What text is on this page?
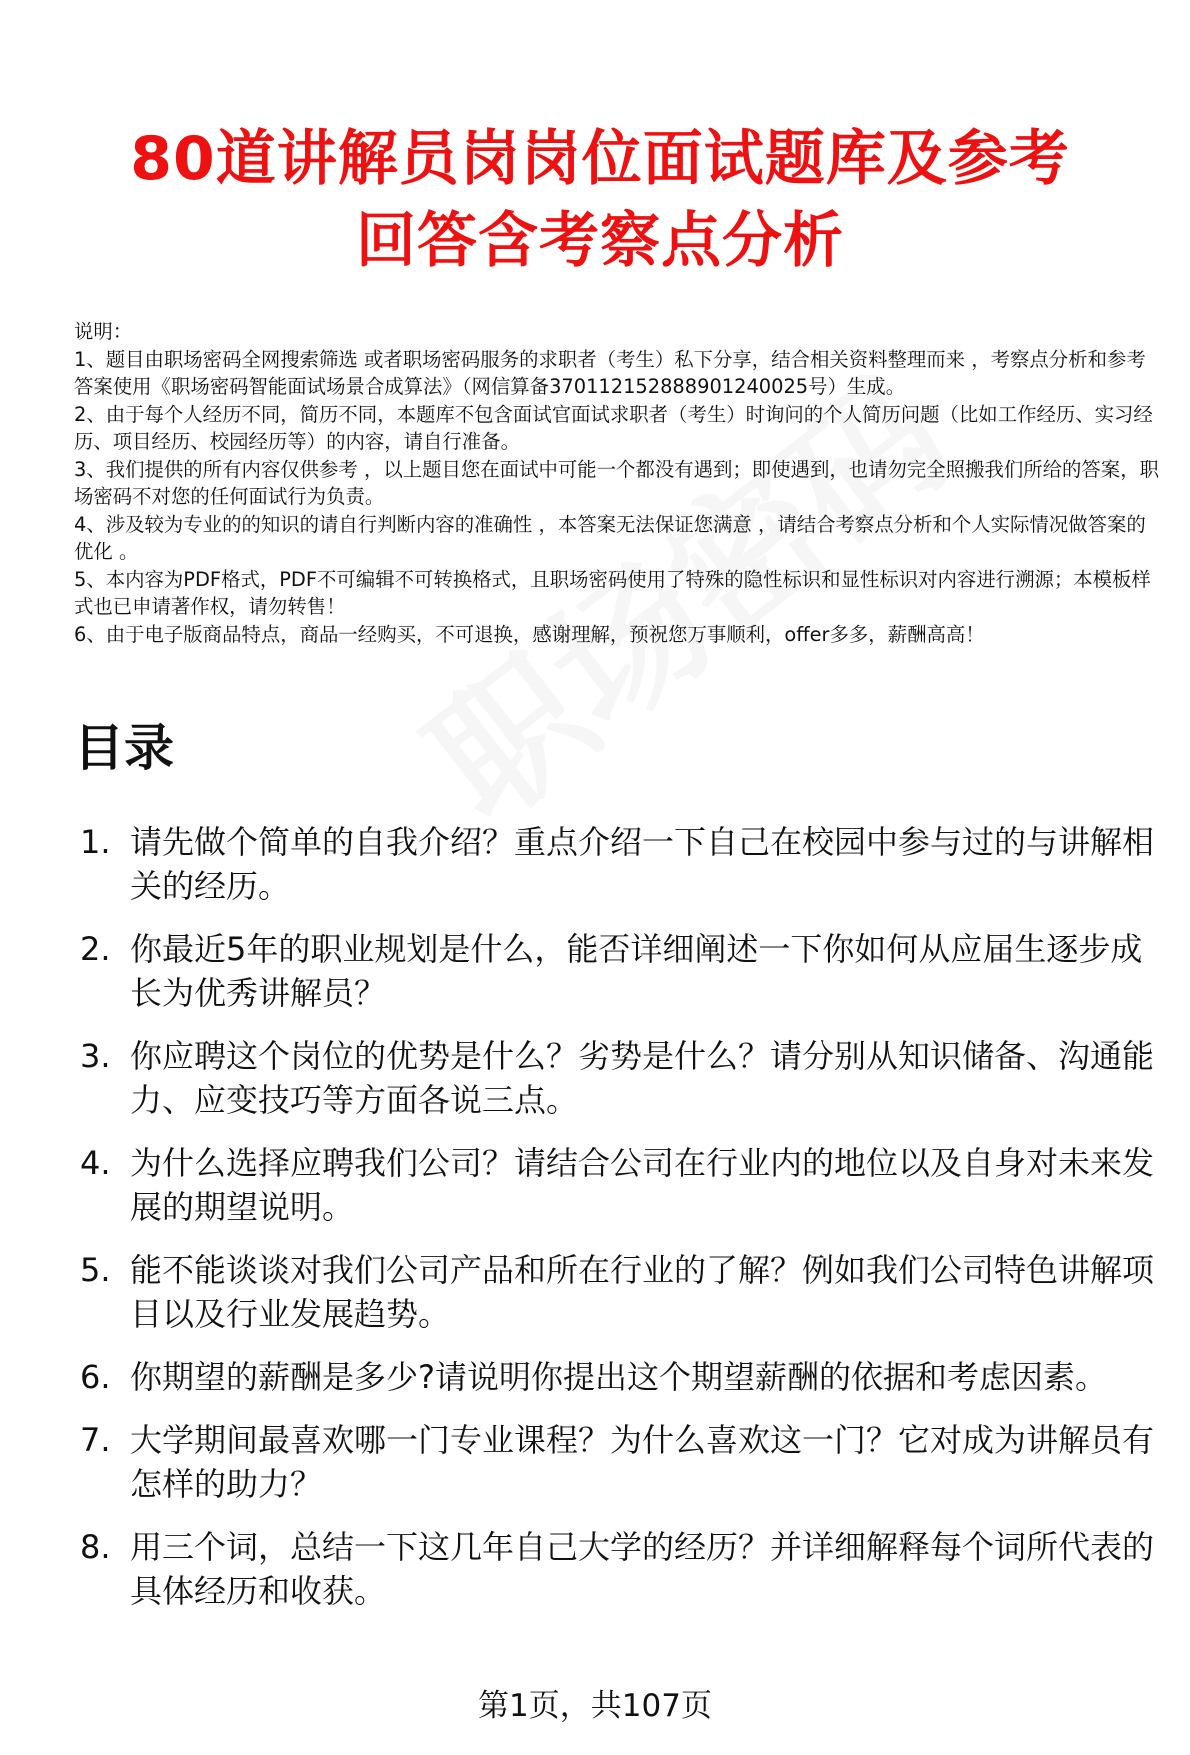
80道讲解员岗岗位面试题库及参考
回答含考察点分析

说明：

1、题目由职场密码全网搜索筛选 或者职场密码服务的求职者（考生）私下分享，结合相关资料整理而来 ，考察点分析和参考答案使用《职场密码智能面试场景合成算法》（网信算备370112152888901240025号）生成。

2、由于每个人经历不同，简历不同，本题库不包含面试官面试求职者（考生）时询问的个人简历问题（比如工作经历、实习经历、项目经历、校园经历等）的内容，请自行准备。

3、我们提供的所有内容仅供参考 ，以上题目您在面试中可能一个都没有遇到；即使遇到，也请勿完全照搬我们所给的答案，职场密码不对您的任何面试行为负责。

4、涉及较为专业的的知识的请自行判断内容的准确性 ，本答案无法保证您满意 ，请结合考察点分析和个人实际情况做答案的优化 。

5、本内容为PDF格式，PDF不可编辑不可转换格式，且职场密码使用了特殊的隐性标识和显性标识对内容进行溯源；本模板样式也已申请著作权，请勿转售！

6、由于电子版商品特点，商品一经购买，不可退换，感谢理解，预祝您万事顺利，offer多多，薪酬高高！

目录
1. 请先做个简单的自我介绍？重点介绍一下自己在校园中参与过的与讲解相关的经历。
2. 你最近5年的职业规划是什么，能否详细阐述一下你如何从应届生逐步成长为优秀讲解员？
3. 你应聘这个岗位的优势是什么？劣势是什么？请分别从知识储备、沟通能力、应变技巧等方面各说三点。
4. 为什么选择应聘我们公司？请结合公司在行业内的地位以及自身对未来发展的期望说明。
5. 能不能谈谈对我们公司产品和所在行业的了解？例如我们公司特色讲解项目以及行业发展趋势。
6. 你期望的薪酬是多少?请说明你提出这个期望薪酬的依据和考虑因素。
7. 大学期间最喜欢哪一门专业课程？为什么喜欢这一门？它对成为讲解员有怎样的助力？
8. 用三个词，总结一下这几年自己大学的经历？并详细解释每个词所代表的具体经历和收获。
第1页，共107页
